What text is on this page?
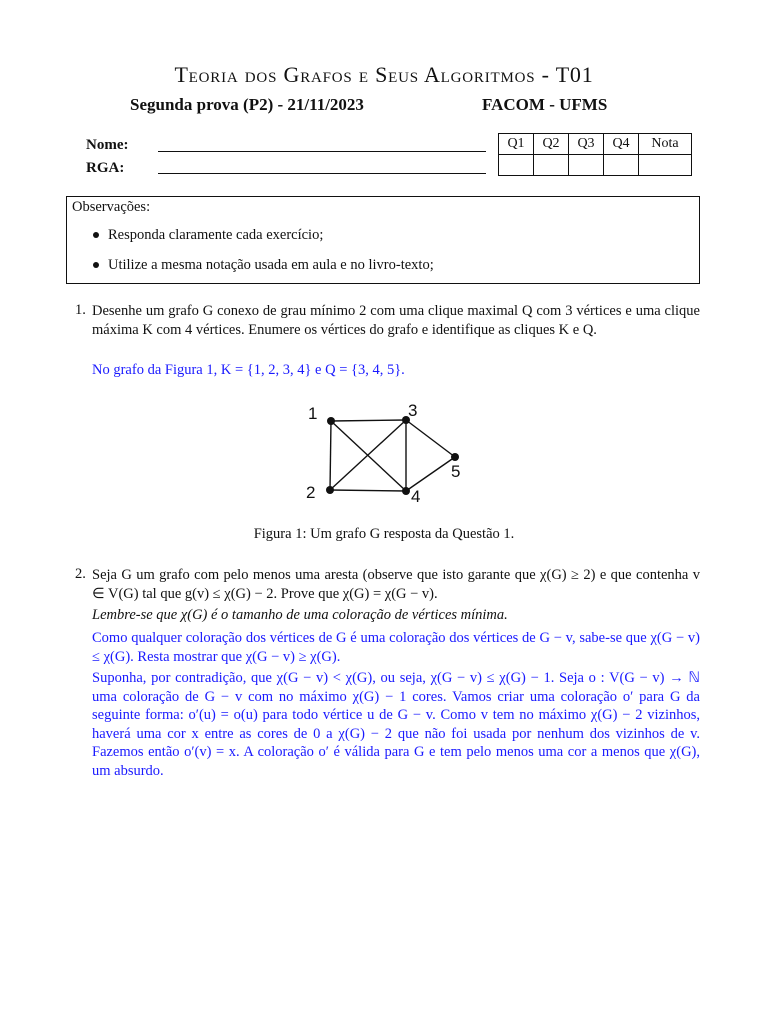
Teoria dos Grafos e Seus Algoritmos - T01
Segunda prova (P2) - 21/11/2023	FACOM - UFMS
Nome:
RGA:
Q1	Q2	Q3	Q4	Nota

Observações:
Responda claramente cada exercício;
Utilize a mesma notação usada em aula e no livro-texto;
1. Desenhe um grafo G conexo de grau mínimo 2 com uma clique maximal Q com 3 vértices e uma clique máxima K com 4 vértices. Enumere os vértices do grafo e identifique as cliques K e Q.
No grafo da Figura 1, K = {1, 2, 3, 4} e Q = {3, 4, 5}.
1
2
3
4
5
Figura 1: Um grafo G resposta da Questão 1.
2. Seja G um grafo com pelo menos uma aresta (observe que isto garante que χ(G) ≥ 2) e que contenha v ∈ V(G) tal que g(v) ≤ χ(G) − 2. Prove que χ(G) = χ(G − v).
Lembre-se que χ(G) é o tamanho de uma coloração de vértices mínima.
Como qualquer coloração dos vértices de G é uma coloração dos vértices de G − v, sabe-se que χ(G − v) ≤ χ(G). Resta mostrar que χ(G − v) ≥ χ(G).
Suponha, por contradição, que χ(G − v) < χ(G), ou seja, χ(G − v) ≤ χ(G) − 1. Seja o : V(G − v) → ℕ uma coloração de G − v com no máximo χ(G) − 1 cores. Vamos criar uma coloração o′ para G da seguinte forma: o′(u) = o(u) para todo vértice u de G − v. Como v tem no máximo χ(G) − 2 vizinhos, haverá uma cor x entre as cores de 0 a χ(G) − 2 que não foi usada por nenhum dos vizinhos de v. Fazemos então o′(v) = x. A coloração o′ é válida para G e tem pelo menos uma cor a menos que χ(G), um absurdo.
